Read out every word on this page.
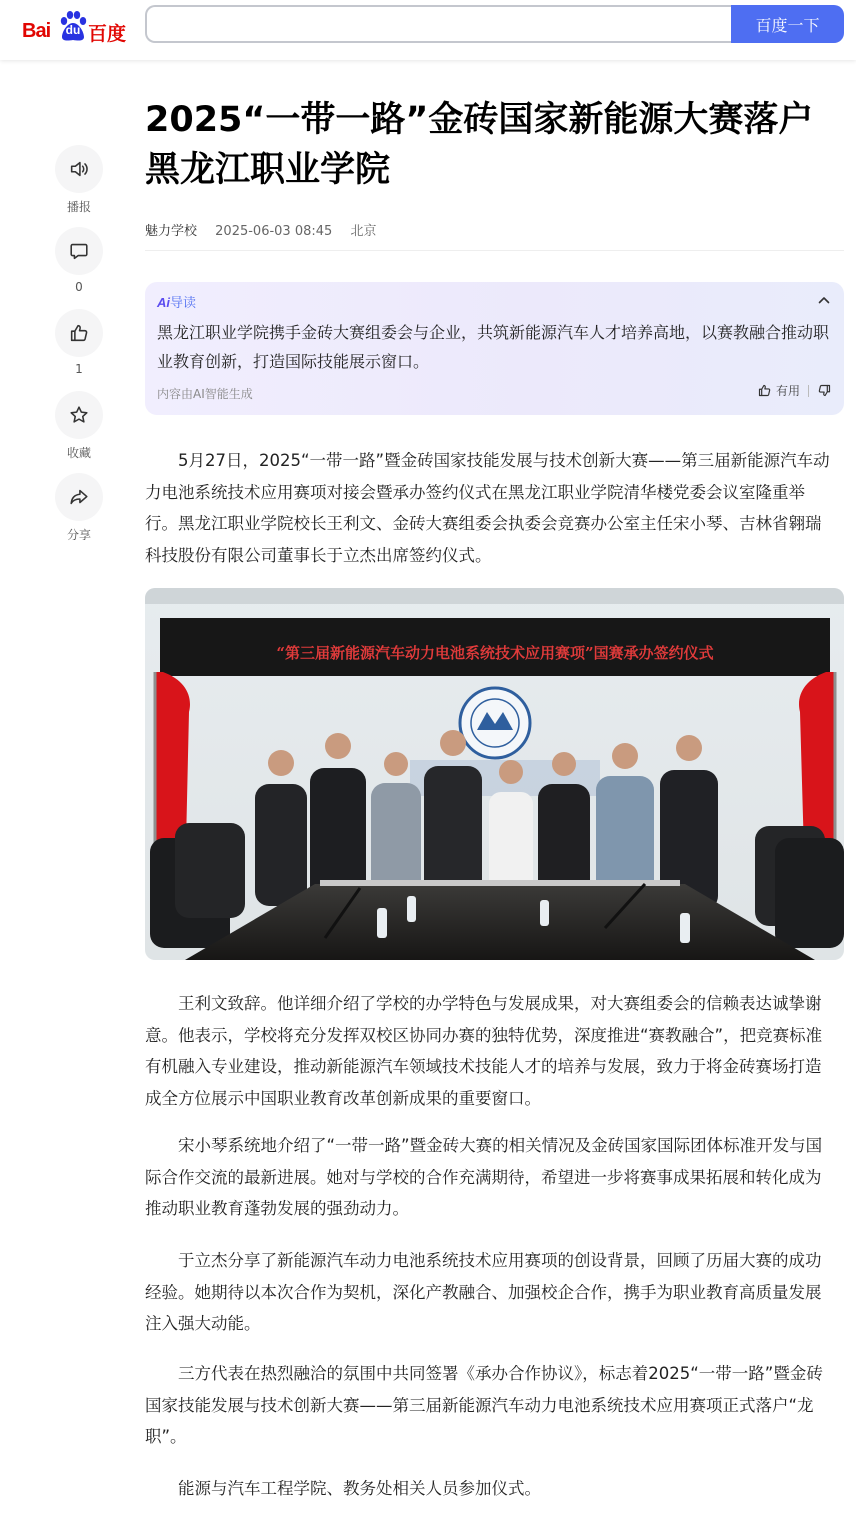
Bai	du 百度	百度一下
播报
0
1
收藏
分享
2025“一带一路”金砖国家新能源大赛落户黑龙江职业学院
魅力学校 2025-06-03 08:45 北京
Ai导读

黑龙江职业学院携手金砖大赛组委会与企业，共筑新能源汽车人才培养高地，以赛教融合推动职业教育创新，打造国际技能展示窗口。

内容由AI智能生成	有用

5月27日，2025“一带一路”暨金砖国家技能发展与技术创新大赛——第三届新能源汽车动力电池系统技术应用赛项对接会暨承办签约仪式在黑龙江职业学院清华楼党委会议室隆重举行。黑龙江职业学院校长王利文、金砖大赛组委会执委会竞赛办公室主任宋小琴、吉林省翱瑞科技股份有限公司董事长于立杰出席签约仪式。

“第三届新能源汽车动力电池系统技术应用赛项”国赛承办签约仪式

王利文致辞。他详细介绍了学校的办学特色与发展成果，对大赛组委会的信赖表达诚挚谢意。他表示，学校将充分发挥双校区协同办赛的独特优势，深度推进“赛教融合”，把竞赛标准有机融入专业建设，推动新能源汽车领域技术技能人才的培养与发展，致力于将金砖赛场打造成全方位展示中国职业教育改革创新成果的重要窗口。

宋小琴系统地介绍了“一带一路”暨金砖大赛的相关情况及金砖国家国际团体标准开发与国际合作交流的最新进展。她对与学校的合作充满期待，希望进一步将赛事成果拓展和转化成为推动职业教育蓬勃发展的强劲动力。

于立杰分享了新能源汽车动力电池系统技术应用赛项的创设背景，回顾了历届大赛的成功经验。她期待以本次合作为契机，深化产教融合、加强校企合作，携手为职业教育高质量发展注入强大动能。

三方代表在热烈融洽的氛围中共同签署《承办合作协议》，标志着2025“一带一路”暨金砖国家技能发展与技术创新大赛——第三届新能源汽车动力电池系统技术应用赛项正式落户“龙职”。

能源与汽车工程学院、教务处相关人员参加仪式。
